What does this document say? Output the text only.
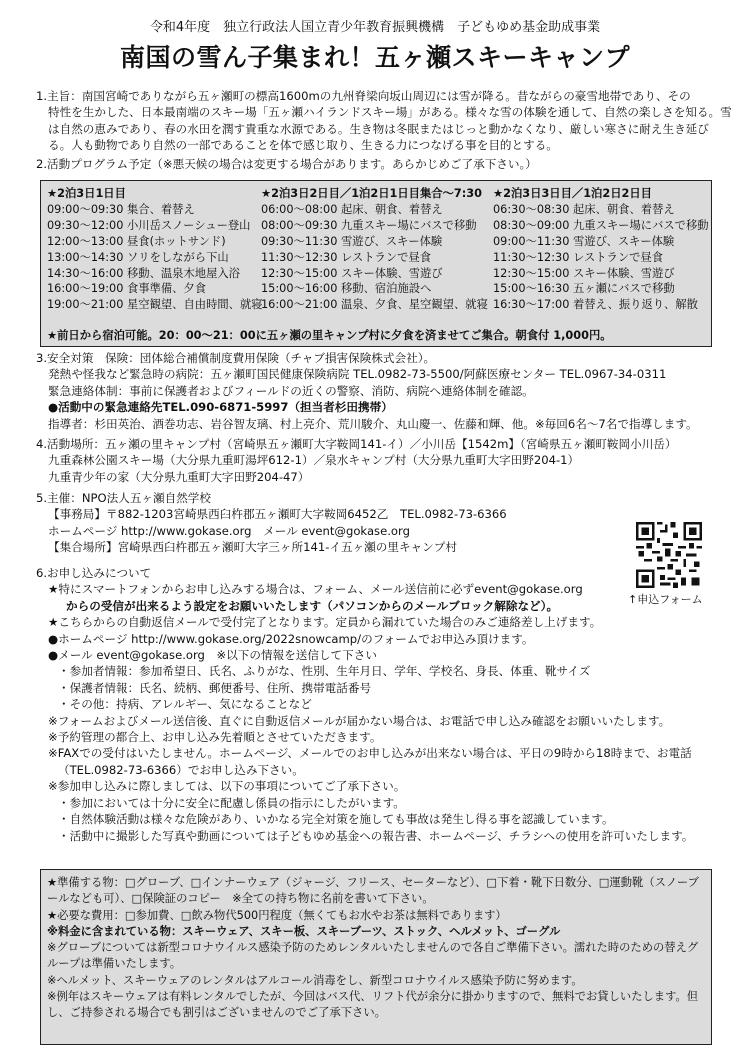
令和4年度　独立行政法人国立青少年教育振興機構　子どもゆめ基金助成事業
南国の雪ん子集まれ！五ヶ瀬スキーキャンプ
1.主旨：南国宮崎でありながら五ヶ瀬町の標高1600mの九州脊梁向坂山周辺には雪が降る。昔ながらの豪雪地帯であり、その
特性を生かした、日本最南端のスキー場「五ヶ瀬ハイランドスキー場」がある。様々な雪の体験を通して、自然の楽しさを知る。雪
は自然の恵みであり、春の水田を潤す貴重な水源である。生き物は冬眠またはじっと動かなくなり、厳しい寒さに耐え生き延び
る。人も動物であり自然の一部であることを体で感じ取り、生きる力につなげる事を目的とする。
2.活動プログラム予定（※悪天候の場合は変更する場合があります。あらかじめご了承下さい。）
★2泊3日1日目
09:00～09:30 集合、着替え
09:30～12:00 小川岳スノーシュー登山
12:00～13:00 昼食(ホットサンド)
13:00～14:30 ソリをしながら下山
14:30～16:00 移動、温泉木地屋入浴
16:00～19:00 食事準備、夕食
19:00～21:00 星空観望、自由時間、就寝
★2泊3日2日目／1泊2日1日目集合～7:30
06:00～08:00 起床、朝食、着替え
08:00～09:30 九重スキー場にバスで移動
09:30～11:30 雪遊び、スキー体験
11:30～12:30 レストランで昼食
12:30～15:00 スキー体験、雪遊び
15:00～16:00 移動、宿泊施設へ
16:00～21:00 温泉、夕食、星空観望、就寝
★2泊3日3日目／1泊2日2日目
06:30～08:30 起床、朝食、着替え
08:30～09:00 九重スキー場にバスで移動
09:00～11:30 雪遊び、スキー体験
11:30～12:30 レストランで昼食
12:30～15:00 スキー体験、雪遊び
15:00～16:30 五ヶ瀬にバスで移動
16:30～17:00 着替え、振り返り、解散
★前日から宿泊可能。20：00～21：00に五ヶ瀬の里キャンプ村に夕食を済ませてご集合。朝食付 1,000円。
3.安全対策　保険：団体総合補償制度費用保険（チャブ損害保険株式会社）。
発熱や怪我など緊急時の病院：五ヶ瀬町国民健康保険病院 TEL.0982-73-5500/阿蘇医療センター TEL.0967-34-0311
緊急連絡体制：事前に保護者およびフィールドの近くの警察、消防、病院へ連絡体制を確認。
●活動中の緊急連絡先TEL.090-6871-5997（担当者杉田携帯）
指導者：杉田英治、酒巻功志、岩谷智友璃、村上亮介、荒川駿介、丸山慶一、佐藤和輝、他。※毎回6名～7名で指導します。
4.活動場所：五ヶ瀬の里キャンプ村（宮崎県五ヶ瀬町大字鞍岡141-イ）／小川岳【1542m】（宮崎県五ヶ瀬町鞍岡小川岳）
九重森林公園スキー場（大分県九重町湯坪612-1）／泉水キャンプ村（大分県九重町大字田野204-1）
九重青少年の家（大分県九重町大字田野204-47）
5.主催：NPO法人五ヶ瀬自然学校
【事務局】〒882-1203宮崎県西臼杵郡五ヶ瀬町大字鞍岡6452乙　TEL.0982-73-6366
ホームページ http://www.gokase.org　メール event@gokase.org
【集合場所】宮崎県西臼杵郡五ヶ瀬町大字三ヶ所141-イ五ヶ瀬の里キャンプ村
↑申込フォーム
6.お申し込みについて
★特にスマートフォンからお申し込みする場合は、フォーム、メール送信前に必ずevent@gokase.org
からの受信が出来るよう設定をお願いいたします（パソコンからのメールブロック解除など）。
★こちらからの自動返信メールで受付完了となります。定員から漏れていた場合のみご連絡差し上げます。
●ホームページ http://www.gokase.org/2022snowcamp/のフォームでお申込み頂けます。
●メール event@gokase.org　※以下の情報を送信して下さい
・参加者情報：参加希望日、氏名、ふりがな、性別、生年月日、学年、学校名、身長、体重、靴サイズ
・保護者情報：氏名、続柄、郵便番号、住所、携帯電話番号
・その他：持病、アレルギー、気になることなど
※フォームおよびメール送信後、直ぐに自動返信メールが届かない場合は、お電話で申し込み確認をお願いいたします。
※予約管理の都合上、お申し込み先着順とさせていただきます。
※FAXでの受付はいたしません。ホームページ、メールでのお申し込みが出来ない場合は、平日の9時から18時まで、お電話
（TEL.0982-73-6366）でお申し込み下さい。
※参加申し込みに際しましては、以下の事項についてご了承下さい。
・参加においては十分に安全に配慮し係員の指示にしたがいます。
・自然体験活動は様々な危険があり、いかなる完全対策を施しても事故は発生し得る事を認識しています。
・活動中に撮影した写真や動画については子どもゆめ基金への報告書、ホームページ、チラシへの使用を許可いたします。
★準備する物：□グローブ、□インナーウェア（ジャージ、フリース、セーターなど）、□下着・靴下日数分、□運動靴（スノーブールなども可）、□保険証のコピー　※全ての持ち物に名前を書いて下さい。
★必要な費用：□参加費、□飲み物代500円程度（無くてもお水やお茶は無料であります）
※料金に含まれている物：スキーウェア、スキー板、スキーブーツ、ストック、ヘルメット、ゴーグル
※グローブについては新型コロナウイルス感染予防のためレンタルいたしませんので各自ご準備下さい。濡れた時のための替えグループは準備いたします。
※ヘルメット、スキーウェアのレンタルはアルコール消毒をし、新型コロナウイルス感染予防に努めます。
※例年はスキーウェアは有料レンタルでしたが、今回はバス代、リフト代が余分に掛かりますので、無料でお貸しいたします。但し、ご持参される場合でも割引はございませんのでご了承下さい。
